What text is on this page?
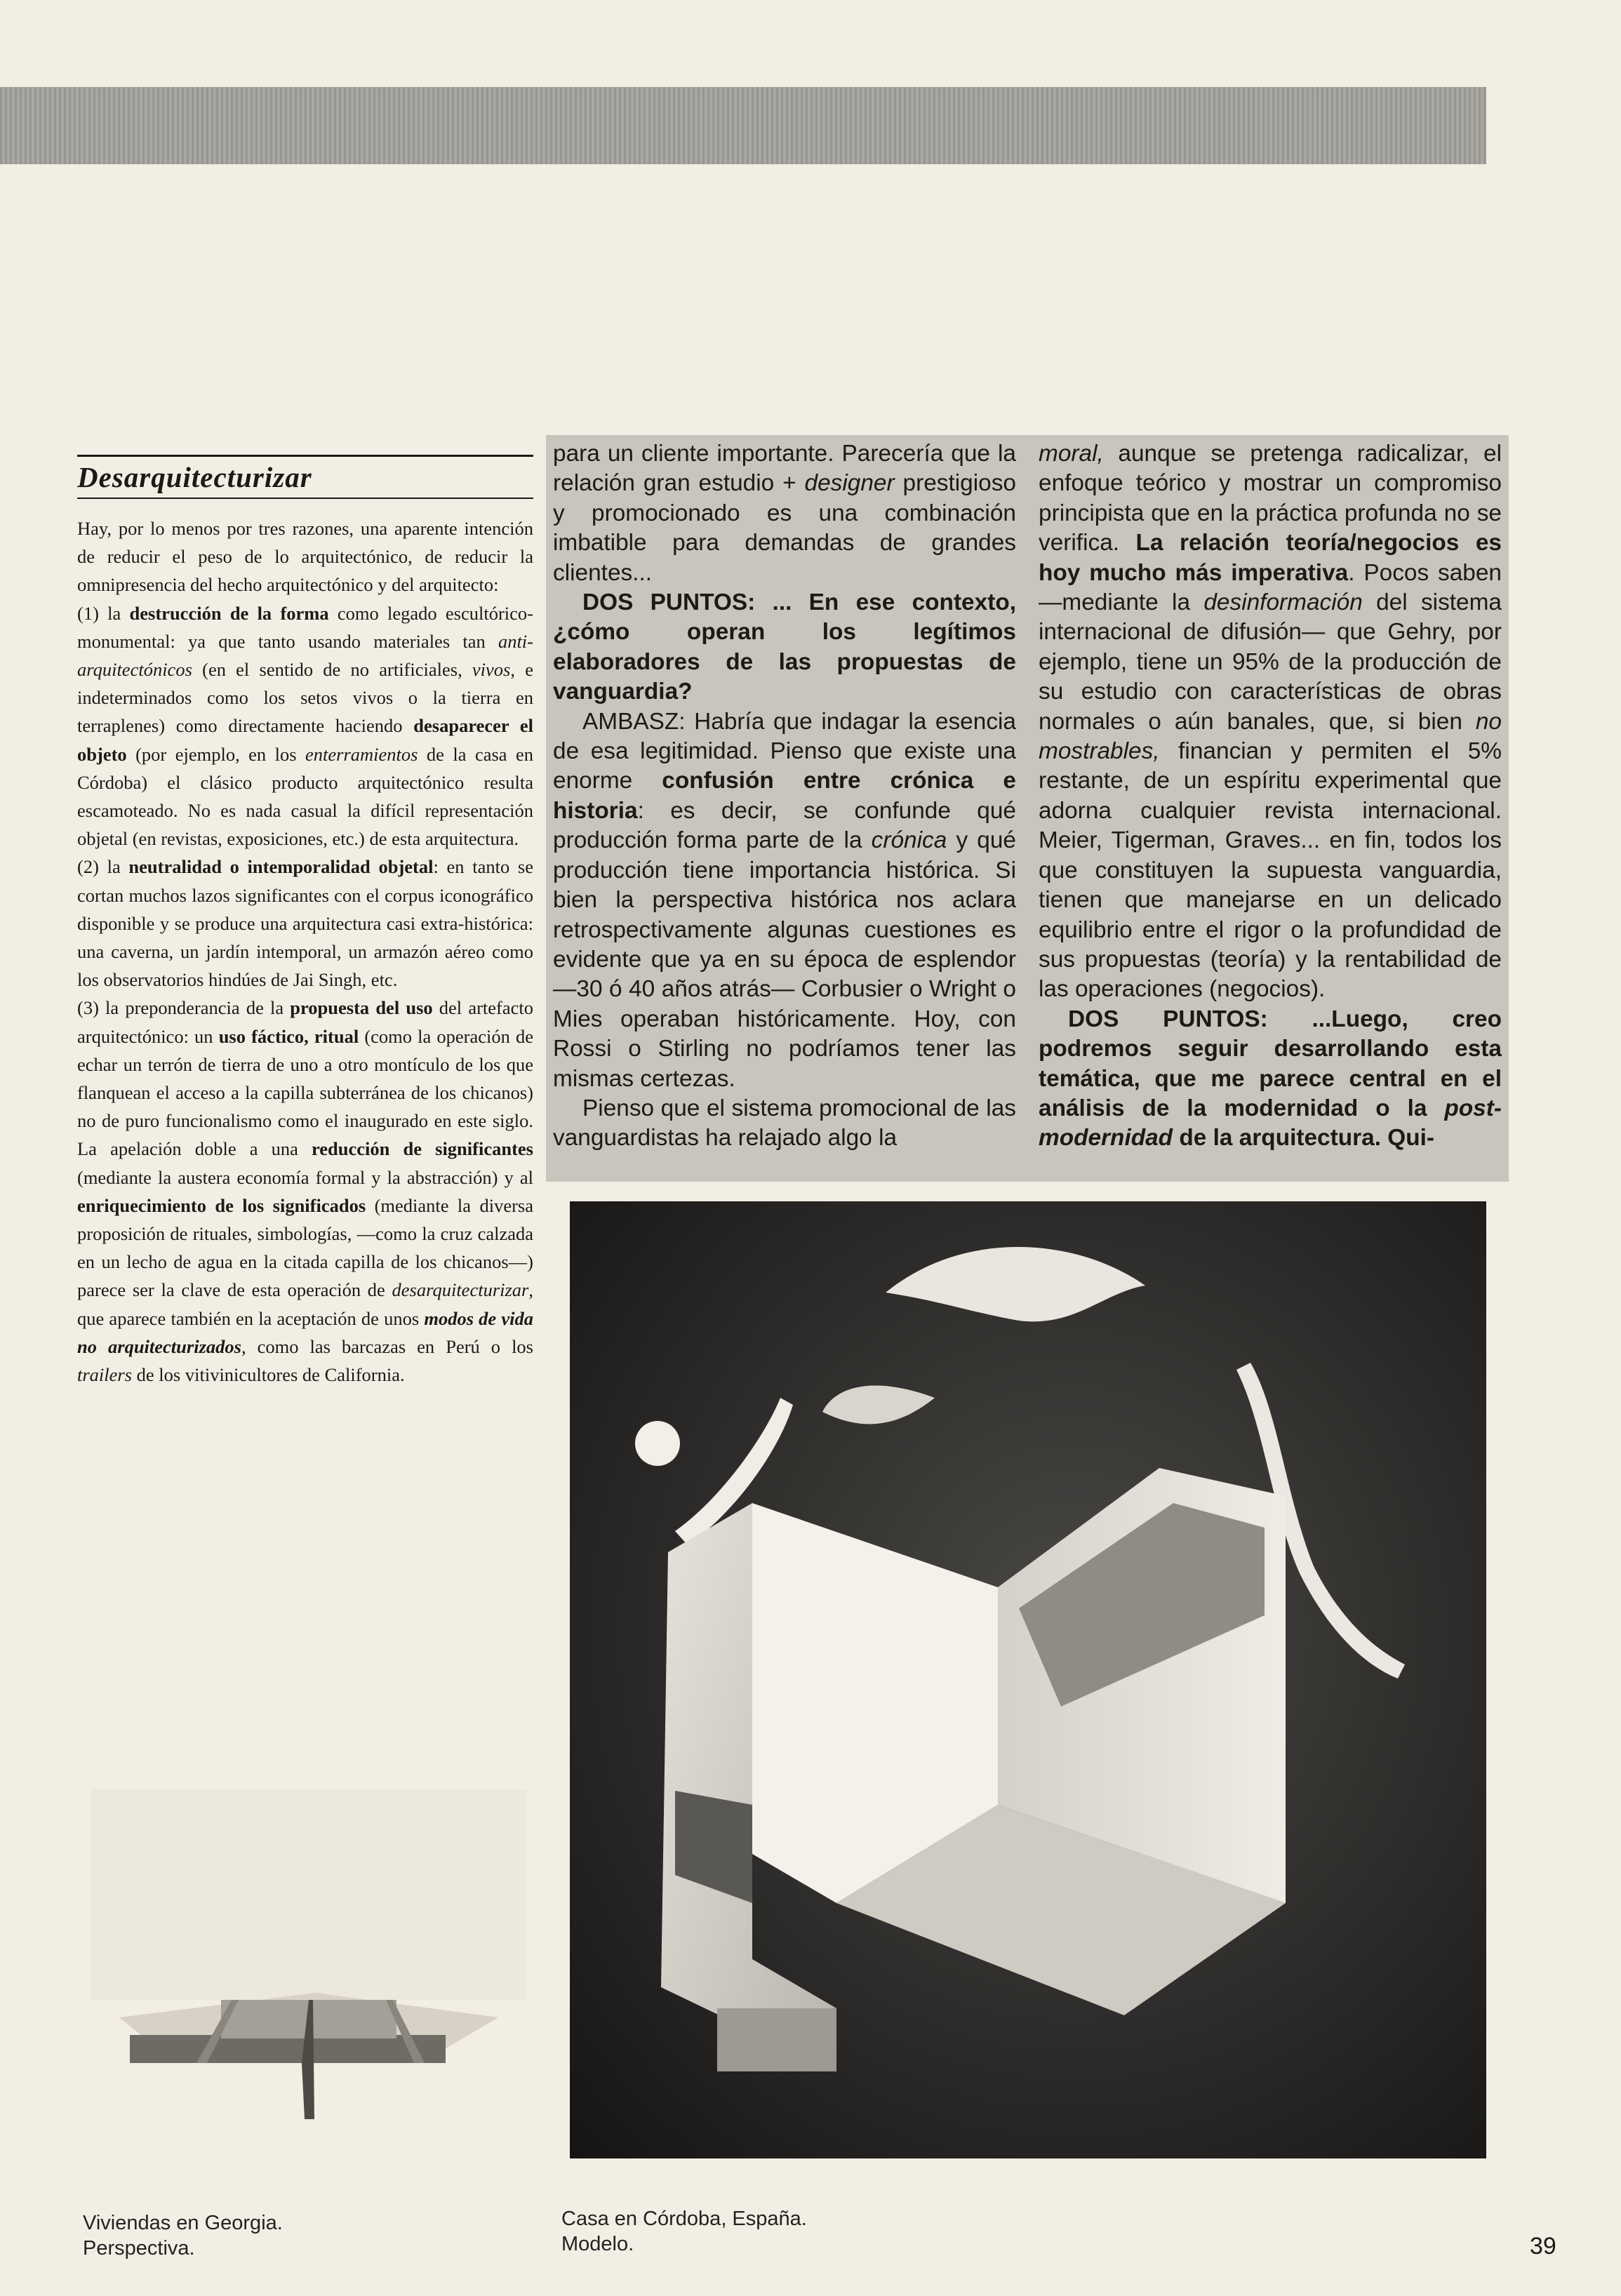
Desarquitecturizar

Hay, por lo menos por tres razones, una aparente intención de reducir el peso de lo arquitectónico, de reducir la omnipresencia del hecho arquitectónico y del arquitecto:

(1) la destrucción de la forma como legado escultórico-monumental: ya que tanto usando materiales tan anti-arquitectónicos (en el sentido de no artificiales, vivos, e indeterminados como los setos vivos o la tierra en terraplenes) como directamente haciendo desaparecer el objeto (por ejemplo, en los enterramientos de la casa en Córdoba) el clásico producto arquitectónico resulta escamoteado. No es nada casual la difícil representación objetal (en revistas, exposiciones, etc.) de esta arquitectura.

(2) la neutralidad o intemporalidad objetal: en tanto se cortan muchos lazos significantes con el corpus iconográfico disponible y se produce una arquitectura casi extra-histórica: una caverna, un jardín intemporal, un armazón aéreo como los observatorios hindúes de Jai Singh, etc.

(3) la preponderancia de la propuesta del uso del artefacto arquitectónico: un uso fáctico, ritual (como la operación de echar un terrón de tierra de uno a otro montículo de los que flanquean el acceso a la capilla subterránea de los chicanos) no de puro funcionalismo como el inaugurado en este siglo. La apelación doble a una reducción de significantes (mediante la austera economía formal y la abstracción) y al enriquecimiento de los significados (mediante la diversa proposición de rituales, simbologías, —como la cruz calzada en un lecho de agua en la citada capilla de los chicanos—) parece ser la clave de esta operación de desarquitecturizar, que aparece también en la aceptación de unos modos de vida no arquitecturizados, como las barcazas en Perú o los trailers de los vitivinicultores de California.

para un cliente importante. Parecería que la relación gran estudio + designer prestigioso y promocionado es una combinación imbatible para demandas de grandes clientes...

DOS PUNTOS: ... En ese contexto, ¿cómo operan los legítimos elaboradores de las propuestas de vanguardia?

AMBASZ: Habría que indagar la esencia de esa legitimidad. Pienso que existe una enorme confusión entre crónica e historia: es decir, se confunde qué producción forma parte de la crónica y qué producción tiene importancia histórica. Si bien la perspectiva histórica nos aclara retrospectivamente algunas cuestiones es evidente que ya en su época de esplendor —30 ó 40 años atrás— Corbusier o Wright o Mies operaban históricamente. Hoy, con Rossi o Stirling no podríamos tener las mismas certezas.

Pienso que el sistema promocional de las vanguardistas ha relajado algo la

moral, aunque se pretenga radicalizar, el enfoque teórico y mostrar un compromiso principista que en la práctica profunda no se verifica. La relación teoría/negocios es hoy mucho más imperativa. Pocos saben —mediante la desinformación del sistema internacional de difusión— que Gehry, por ejemplo, tiene un 95% de la producción de su estudio con características de obras normales o aún banales, que, si bien no mostrables, financian y permiten el 5% restante, de un espíritu experimental que adorna cualquier revista internacional. Meier, Tigerman, Graves... en fin, todos los que constituyen la supuesta vanguardia, tienen que manejarse en un delicado equilibrio entre el rigor o la profundidad de sus propuestas (teoría) y la rentabilidad de las operaciones (negocios).

DOS PUNTOS: ...Luego, creo podremos seguir desarrollando esta temática, que me parece central en el análisis de la modernidad o la post-modernidad de la arquitectura. Qui-

Viviendas en Georgia.
Perspectiva.
Casa en Córdoba, España.
Modelo.	39
